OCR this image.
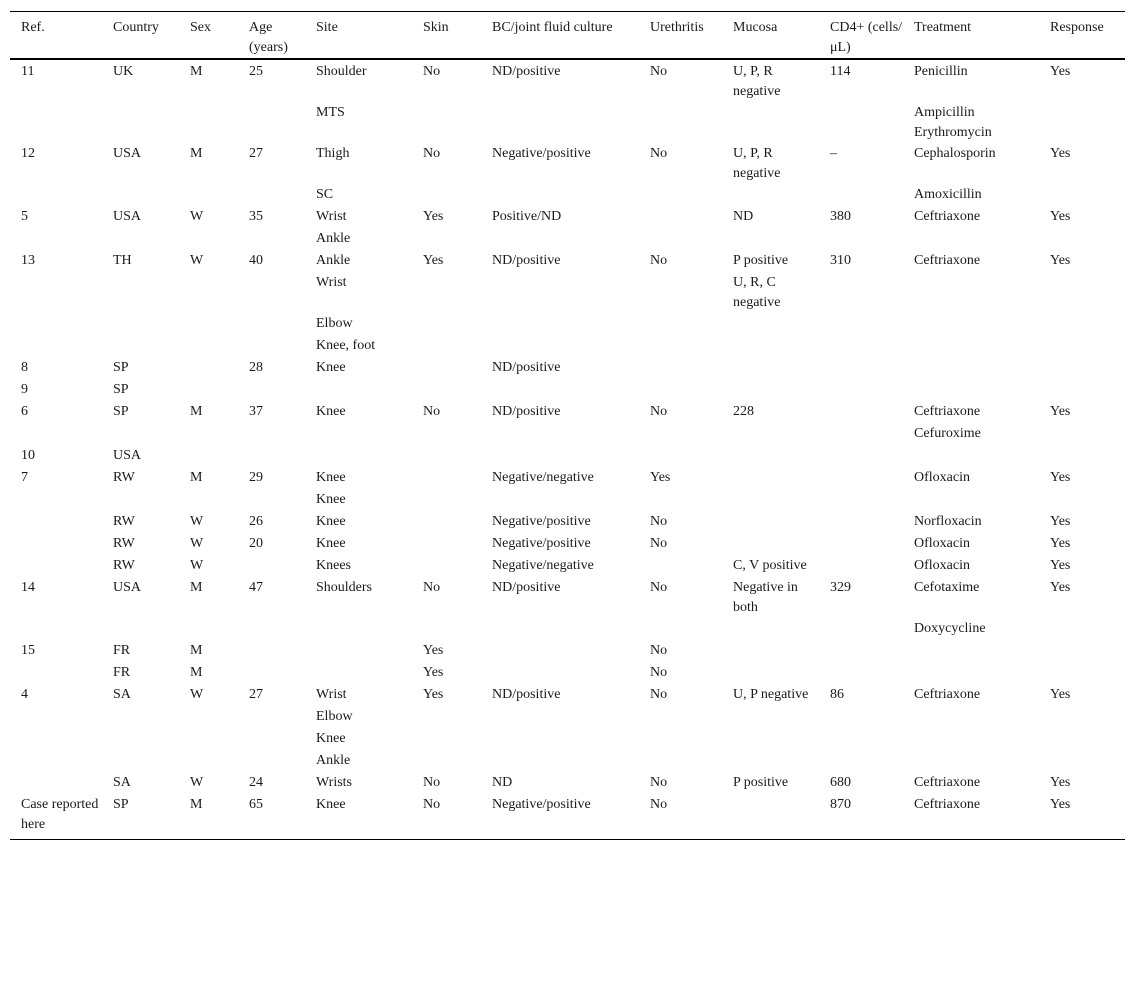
Ref.	Country	Sex	Age (years)	Site	Skin	BC/joint fluid culture	Urethritis	Mucosa	CD4+ (cells/μL)	Treatment	Response
11	UK	M	25	Shoulder	No	ND/positive	No	U, P, R negative	114	Penicillin	Yes
				MTS						Ampicillin Erythromycin	
12	USA	M	27	Thigh	No	Negative/positive	No	U, P, R negative	–	Cephalosporin	Yes
				SC						Amoxicillin	
5	USA	W	35	Wrist	Yes	Positive/ND		ND	380	Ceftriaxone	Yes
				Ankle							
13	TH	W	40	Ankle	Yes	ND/positive	No	P positive	310	Ceftriaxone	Yes
				Wrist				U, R, C negative			
				Elbow							
				Knee, foot							
8	SP		28	Knee		ND/positive					
9	SP										
6	SP	M	37	Knee	No	ND/positive	No	228		Ceftriaxone	Yes
										Cefuroxime	
10	USA										
7	RW	M	29	Knee		Negative/negative	Yes			Ofloxacin	Yes
				Knee							
	RW	W	26	Knee		Negative/positive	No			Norfloxacin	Yes
	RW	W	20	Knee		Negative/positive	No			Ofloxacin	Yes
	RW	W		Knees		Negative/negative		C, V positive		Ofloxacin	Yes
14	USA	M	47	Shoulders	No	ND/positive	No	Negative in both	329	Cefotaxime	Yes
										Doxycycline	
15	FR	M			Yes		No				
	FR	M			Yes		No				
4	SA	W	27	Wrist	Yes	ND/positive	No	U, P negative	86	Ceftriaxone	Yes
				Elbow							
				Knee							
				Ankle							
	SA	W	24	Wrists	No	ND	No	P positive	680	Ceftriaxone	Yes
Case reported here	SP	M	65	Knee	No	Negative/positive	No		870	Ceftriaxone	Yes
